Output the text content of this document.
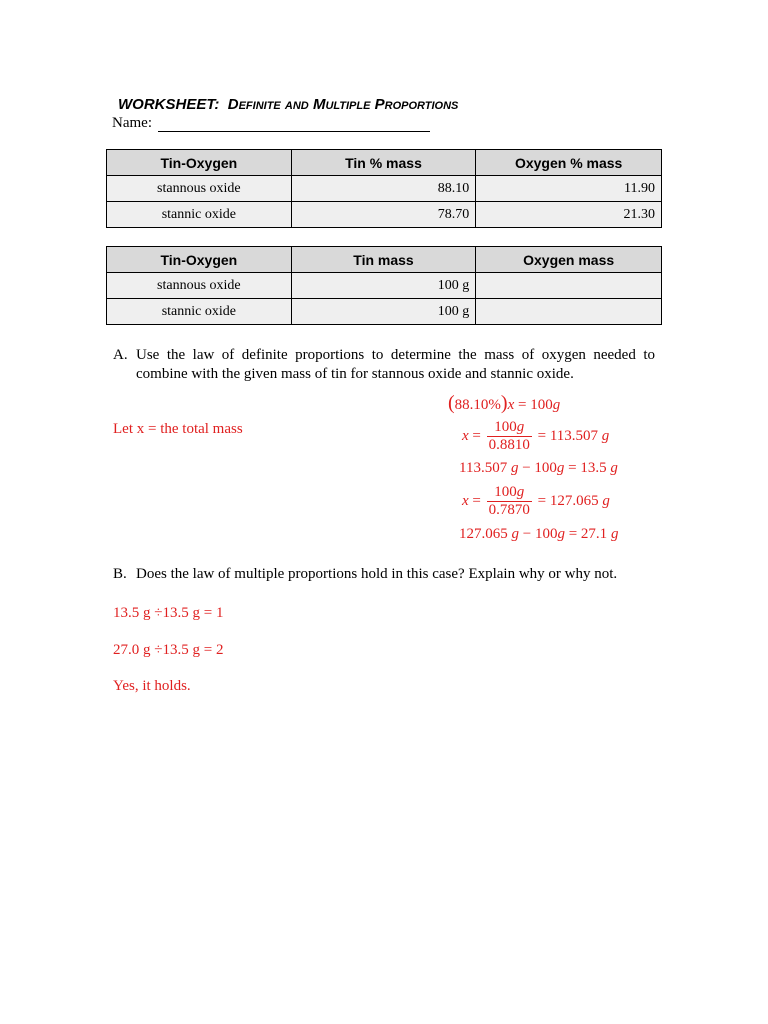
WORKSHEET: DEFINITE AND MULTIPLE PROPORTIONS
Name:
Tin-Oxygen	Tin % mass	Oxygen % mass
stannous oxide	88.10	11.90
stannic oxide	78.70	21.30
Tin-Oxygen	Tin mass	Oxygen mass
stannous oxide	100 g	
stannic oxide	100 g	
A. Use the law of definite proportions to determine the mass of oxygen needed to
combine with the given mass of tin for stannous oxide and stannic oxide.
Let x = the total mass
(88.10%)x = 100g
$x = \frac{100g}{0.8810} = 113.507$ g
113.507 g − 100g = 13.5 g
$x = \frac{100g}{0.7870} = 127.065$ g
127.065 g − 100g = 27.1 g
B. Does the law of multiple proportions hold in this case? Explain why or why not.
13.5 g ÷13.5 g = 1
27.0 g ÷13.5 g = 2
Yes, it holds.
